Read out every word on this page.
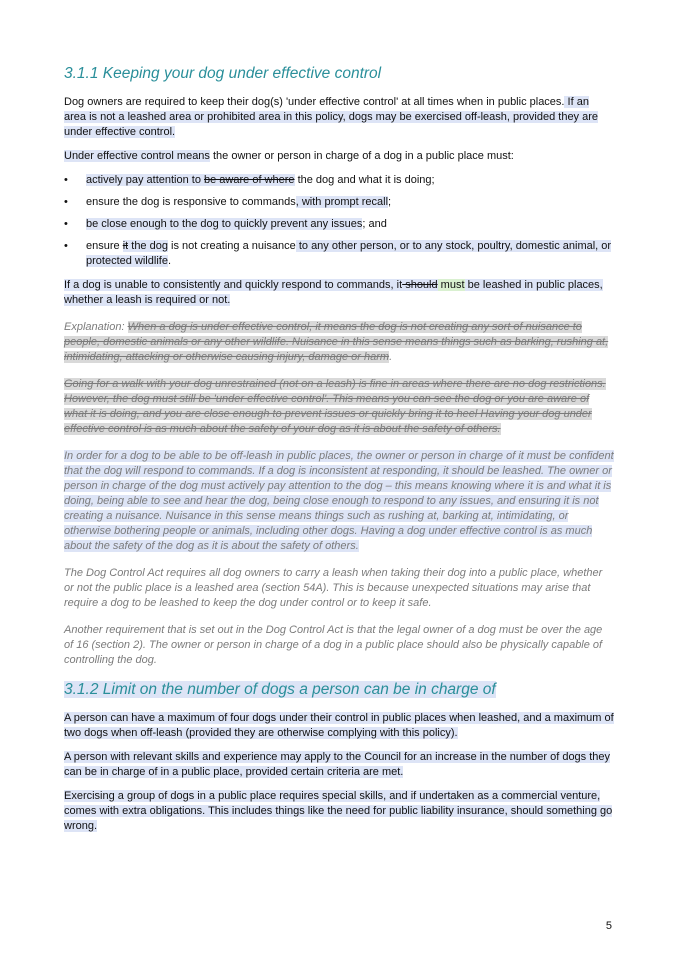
3.1.1 Keeping your dog under effective control

Dog owners are required to keep their dog(s) 'under effective control' at all times when in public places. If an area is not a leashed area or prohibited area in this policy, dogs may be exercised off-leash, provided they are under effective control.

Under effective control means the owner or person in charge of a dog in a public place must:

• actively pay attention to be aware of where the dog and what it is doing;
• ensure the dog is responsive to commands, with prompt recall;
• be close enough to the dog to quickly prevent any issues; and
• ensure it the dog is not creating a nuisance to any other person, or to any stock, poultry, domestic animal, or protected wildlife.

If a dog is unable to consistently and quickly respond to commands, it should must be leashed in public places, whether a leash is required or not.

Explanation: When a dog is under effective control, it means the dog is not creating any sort of nuisance to people, domestic animals or any other wildlife. Nuisance in this sense means things such as barking, rushing at, intimidating, attacking or otherwise causing injury, damage or harm.

Going for a walk with your dog unrestrained (not on a leash) is fine in areas where there are no dog restrictions. However, the dog must still be 'under effective control'. This means you can see the dog or you are aware of what it is doing, and you are close enough to prevent issues or quickly bring it to heel Having your dog under effective control is as much about the safety of your dog as it is about the safety of others.

In order for a dog to be able to be off-leash in public places, the owner or person in charge of it must be confident that the dog will respond to commands. If a dog is inconsistent at responding, it should be leashed. The owner or person in charge of the dog must actively pay attention to the dog – this means knowing where it is and what it is doing, being able to see and hear the dog, being close enough to respond to any issues, and ensuring it is not creating a nuisance. Nuisance in this sense means things such as rushing at, barking at, intimidating, or otherwise bothering people or animals, including other dogs. Having a dog under effective control is as much about the safety of the dog as it is about the safety of others.

The Dog Control Act requires all dog owners to carry a leash when taking their dog into a public place, whether or not the public place is a leashed area (section 54A). This is because unexpected situations may arise that require a dog to be leashed to keep the dog under control or to keep it safe.

Another requirement that is set out in the Dog Control Act is that the legal owner of a dog must be over the age of 16 (section 2). The owner or person in charge of a dog in a public place should also be physically capable of controlling the dog.

3.1.2 Limit on the number of dogs a person can be in charge of

A person can have a maximum of four dogs under their control in public places when leashed, and a maximum of two dogs when off-leash (provided they are otherwise complying with this policy).

A person with relevant skills and experience may apply to the Council for an increase in the number of dogs they can be in charge of in a public place, provided certain criteria are met.

Exercising a group of dogs in a public place requires special skills, and if undertaken as a commercial venture, comes with extra obligations. This includes things like the need for public liability insurance, should something go wrong.

5
